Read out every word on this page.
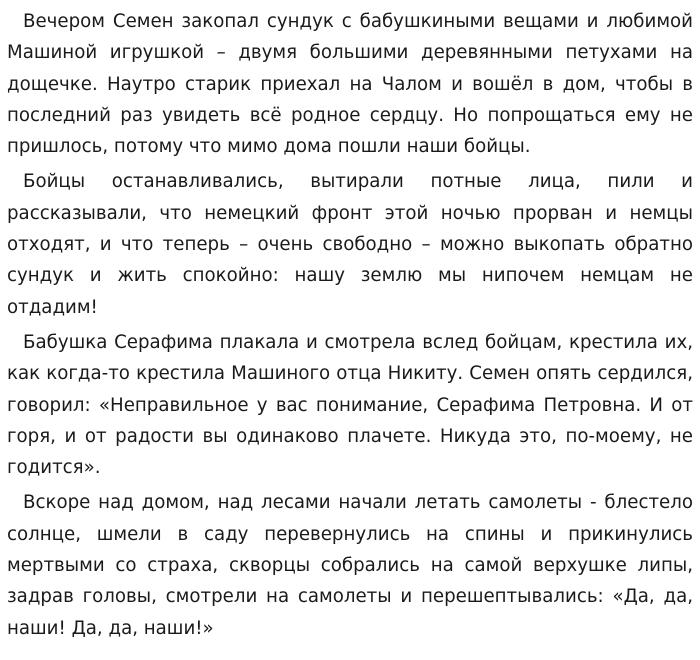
Вечером Семен закопал сундук с бабушкиными вещами и любимой Машиной игрушкой – двумя большими деревянными петухами на дощечке. Наутро старик приехал на Чалом и вошёл в дом, чтобы в последний раз увидеть всё родное сердцу. Но попрощаться ему не пришлось, потому что мимо дома пошли наши бойцы.

Бойцы останавливались, вытирали потные лица, пили и рассказывали, что немецкий фронт этой ночью прорван и немцы отходят, и что теперь – очень свободно – можно выкопать обратно сундук и жить спокойно: нашу землю мы нипочем немцам не отдадим!

Бабушка Серафима плакала и смотрела вслед бойцам, крестила их, как когда-то крестила Машиного отца Никиту. Семен опять сердился, говорил: «Неправильное у вас понимание, Серафима Петровна. И от горя, и от радости вы одинаково плачете. Никуда это, по-моему, не годится».

Вскоре над домом, над лесами начали летать самолеты - блестело солнце, шмели в саду перевернулись на спины и прикинулись мертвыми со страха, скворцы собрались на самой верхушке липы, задрав головы, смотрели на самолеты и перешептывались: «Да, да, наши! Да, да, наши!»
